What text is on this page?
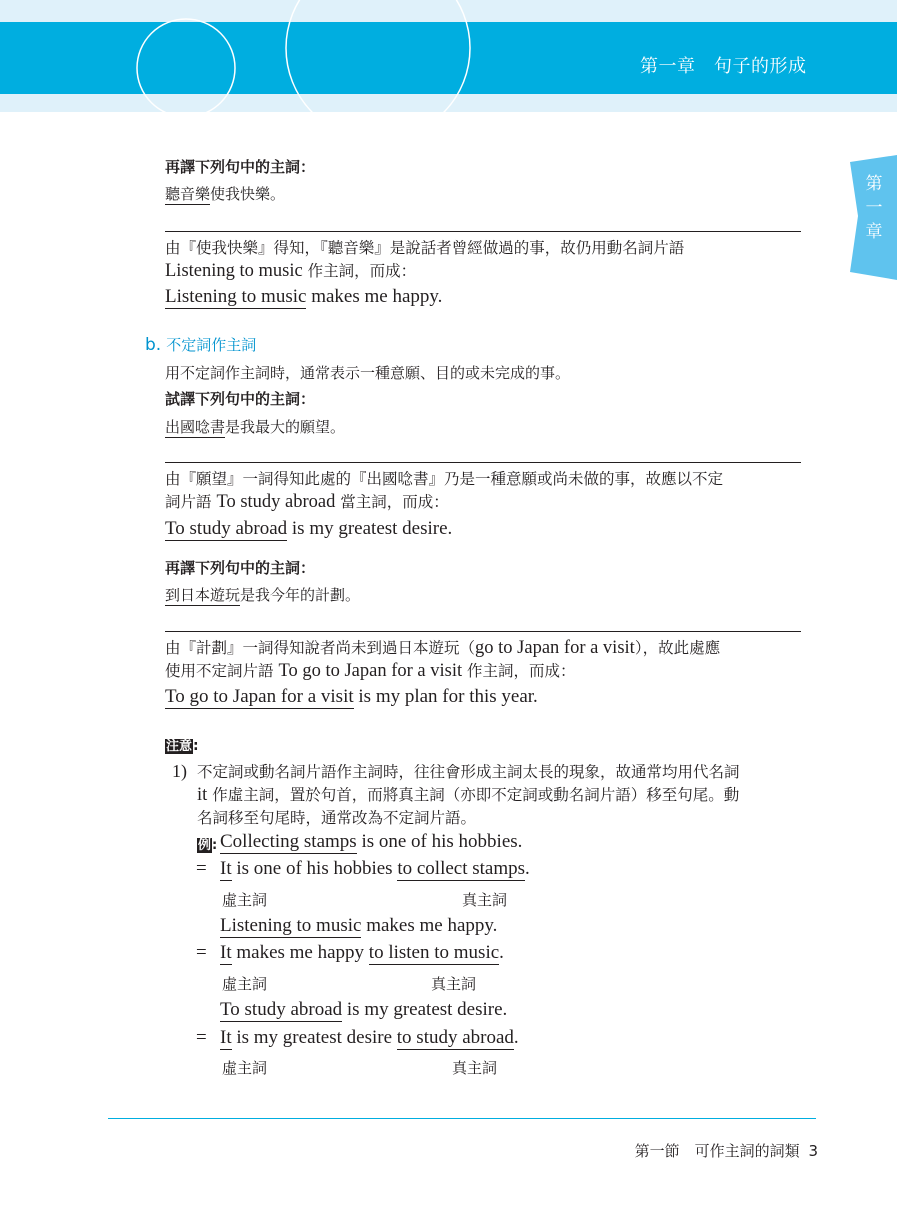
第一章　句子的形成
第
一
章
再譯下列句中的主詞：
聽音樂使我快樂。
由『使我快樂』得知，『聽音樂』是說話者曾經做過的事，故仍用動名詞片語
Listening to music 作主詞，而成：
Listening to music makes me happy.
b. 不定詞作主詞
用不定詞作主詞時，通常表示一種意願、目的或未完成的事。
試譯下列句中的主詞：
出國唸書是我最大的願望。
由『願望』一詞得知此處的『出國唸書』乃是一種意願或尚未做的事，故應以不定
詞片語 To study abroad 當主詞，而成：
To study abroad is my greatest desire.
再譯下列句中的主詞：
到日本遊玩是我今年的計劃。
由『計劃』一詞得知說者尚未到過日本遊玩（go to Japan for a visit），故此處應
使用不定詞片語 To go to Japan for a visit 作主詞，而成：
To go to Japan for a visit is my plan for this year.
注意:
1) 不定詞或動名詞片語作主詞時，往往會形成主詞太長的現象，故通常均用代名詞
it 作虛主詞，置於句首，而將真主詞（亦即不定詞或動名詞片語）移至句尾。動
名詞移至句尾時，通常改為不定詞片語。
例: Collecting stamps is one of his hobbies.
= It is one of his hobbies to collect stamps.
虛主詞	真主詞
Listening to music makes me happy.
= It makes me happy to listen to music.
虛主詞	真主詞
To study abroad is my greatest desire.
= It is my greatest desire to study abroad.
虛主詞	真主詞
第一節　可作主詞的詞類 3
